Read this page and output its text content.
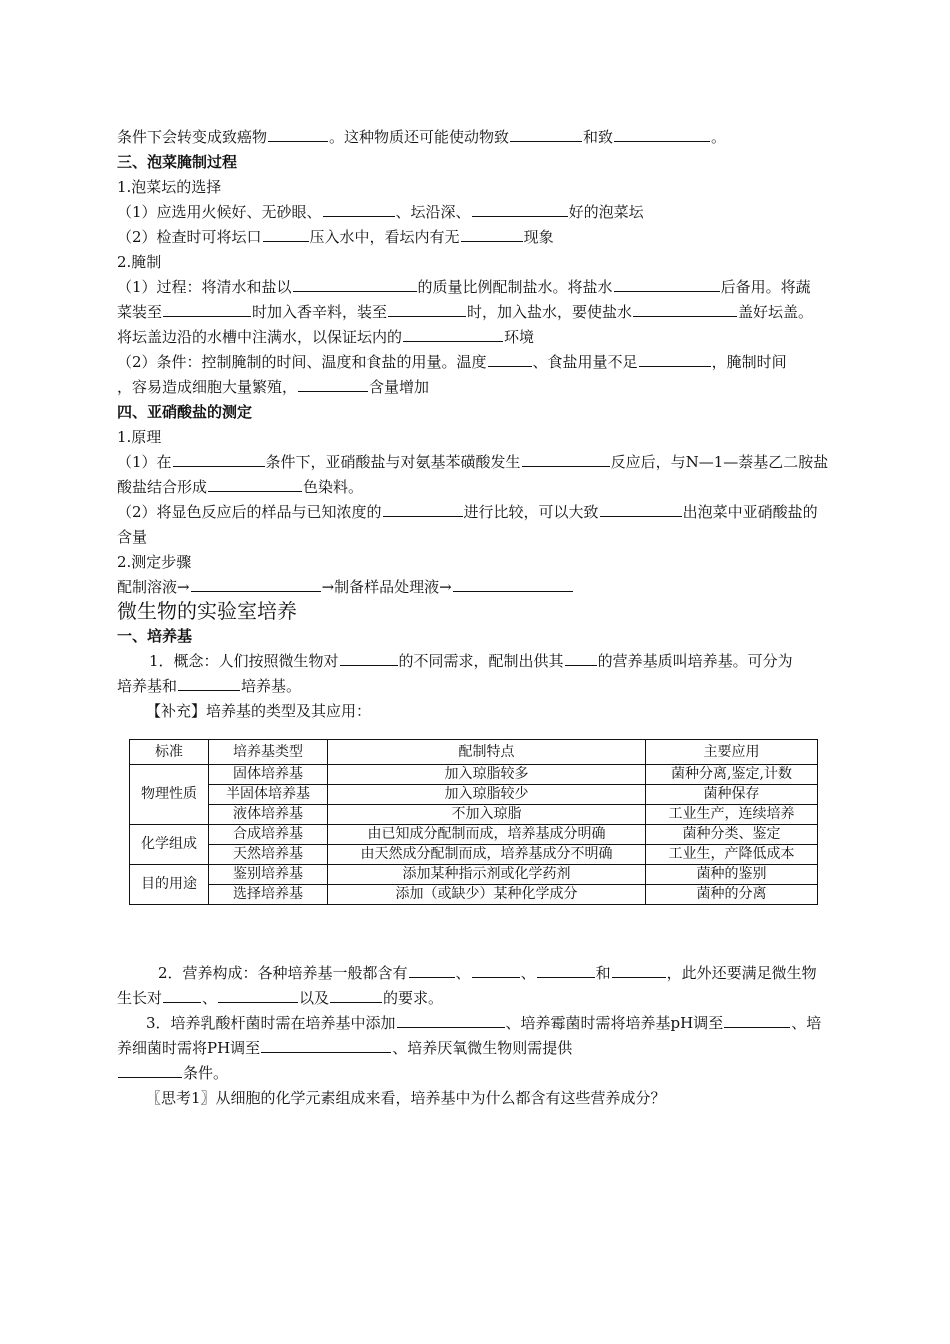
条件下会转变成致癌物	。这种物质还可能使动物致	和致	。
三、泡菜腌制过程
1.泡菜坛的选择
（1）应选用火候好、无砂眼、	、坛沿深、	好的泡菜坛
（2）检查时可将坛口	压入水中，看坛内有无	现象
2.腌制
（1）过程：将清水和盐以	的质量比例配制盐水。将盐水	后备用。将蔬
菜装至	时加入香辛料，装至	时，加入盐水，要使盐水	盖好坛盖。
将坛盖边沿的水槽中注满水，以保证坛内的	环境
（2）条件：控制腌制的时间、温度和食盐的用量。温度	、食盐用量不足	，腌制时间
，容易造成细胞大量繁殖，	含量增加
四、亚硝酸盐的测定
1.原理
（1）在	条件下，亚硝酸盐与对氨基苯磺酸发生	反应后，与N—1—萘基乙二胺盐
酸盐结合形成	色染料。
（2）将显色反应后的样品与已知浓度的	进行比较，可以大致	出泡菜中亚硝酸盐的
含量
2.测定步骤
配制溶液→	→制备样品处理液→
微生物的实验室培养
一、培养基
1．概念：人们按照微生物对	的不同需求，配制出供其 的营养基质叫培养基。可分为
培养基和	培养基。
【补充】培养基的类型及其应用：
标准	培养基类型	配制特点	主要应用
物理性质	固体培养基	加入琼脂较多	菌种分离,鉴定,计数
	半固体培养基	加入琼脂较少	菌种保存
	液体培养基	不加入琼脂	工业生产，连续培养
化学组成	合成培养基	由已知成分配制而成，培养基成分明确	菌种分类、鉴定
	天然培养基	由天然成分配制而成，培养基成分不明确	工业生，产降低成本
目的用途	鉴别培养基	添加某种指示剂或化学药剂	菌种的鉴别
	选择培养基	添加（或缺少）某种化学成分	菌种的分离
2．营养构成：各种培养基一般都含有	、	、	和	，此外还要满足微生物
生长对	、	以及	的要求。
3．培养乳酸杆菌时需在培养基中添加	、培养霉菌时需将培养基pH调至	、培
养细菌时需将PH调至	、培养厌氧微生物则需提供
条件。
〖思考1〗从细胞的化学元素组成来看，培养基中为什么都含有这些营养成分？
